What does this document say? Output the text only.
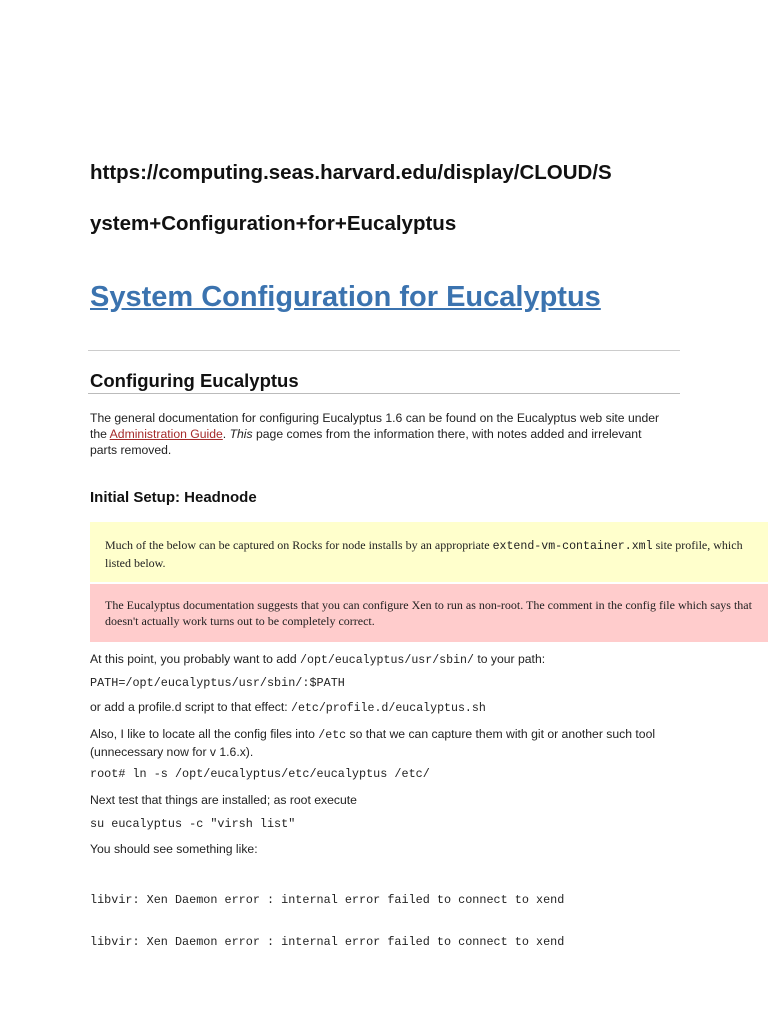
https://computing.seas.harvard.edu/display/CLOUD/S
ystem+Configuration+for+Eucalyptus
System Configuration for Eucalyptus
Configuring Eucalyptus
The general documentation for configuring Eucalyptus 1.6 can be found on the Eucalyptus web site under
the Administration Guide. This page comes from the information there, with notes added and irrelevant
parts removed.
Initial Setup: Headnode
Much of the below can be captured on Rocks for node installs by an appropriate extend-vm-container.xml site profile, which
listed below.
The Eucalyptus documentation suggests that you can configure Xen to run as non-root. The comment in the config file which says that
doesn't actually work turns out to be completely correct.
At this point, you probably want to add /opt/eucalyptus/usr/sbin/ to your path:
PATH=/opt/eucalyptus/usr/sbin/:$PATH
or add a profile.d script to that effect: /etc/profile.d/eucalyptus.sh
Also, I like to locate all the config files into /etc so that we can capture them with git or another such tool
(unnecessary now for v 1.6.x).
root# ln -s /opt/eucalyptus/etc/eucalyptus /etc/
Next test that things are installed; as root execute
su eucalyptus -c "virsh list"
You should see something like:

libvir: Xen Daemon error : internal error failed to connect to xend

libvir: Xen Daemon error : internal error failed to connect to xend
